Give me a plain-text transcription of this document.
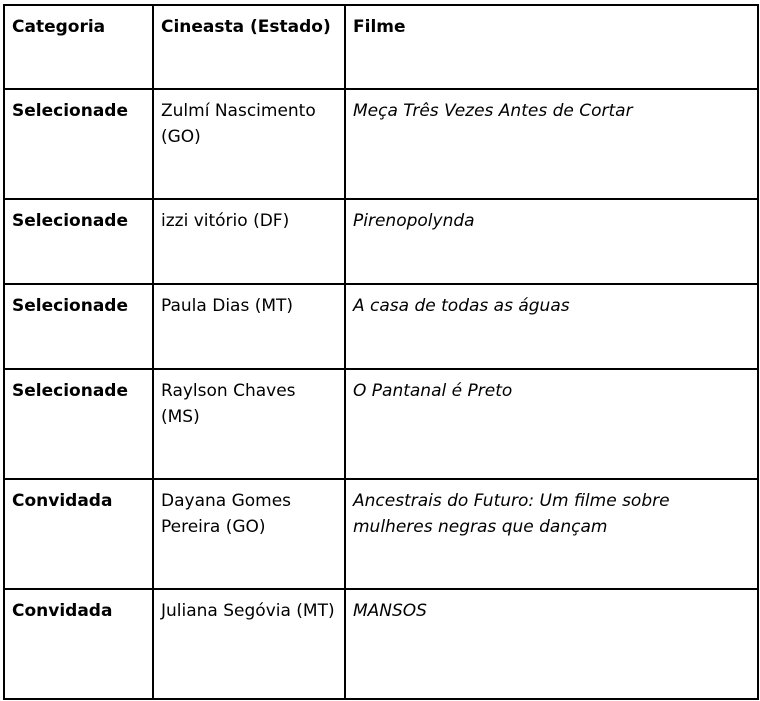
Categoria	Cineasta (Estado)	Filme
Selecionade	Zulmí Nascimento (GO)	Meça Três Vezes Antes de Cortar
Selecionade	izzi vitório (DF)	Pirenopolynda
Selecionade	Paula Dias (MT)	A casa de todas as águas
Selecionade	Raylson Chaves (MS)	O Pantanal é Preto
Convidada	Dayana Gomes Pereira (GO)	Ancestrais do Futuro: Um filme sobre mulheres negras que dançam
Convidada	Juliana Segóvia (MT)	MANSOS
